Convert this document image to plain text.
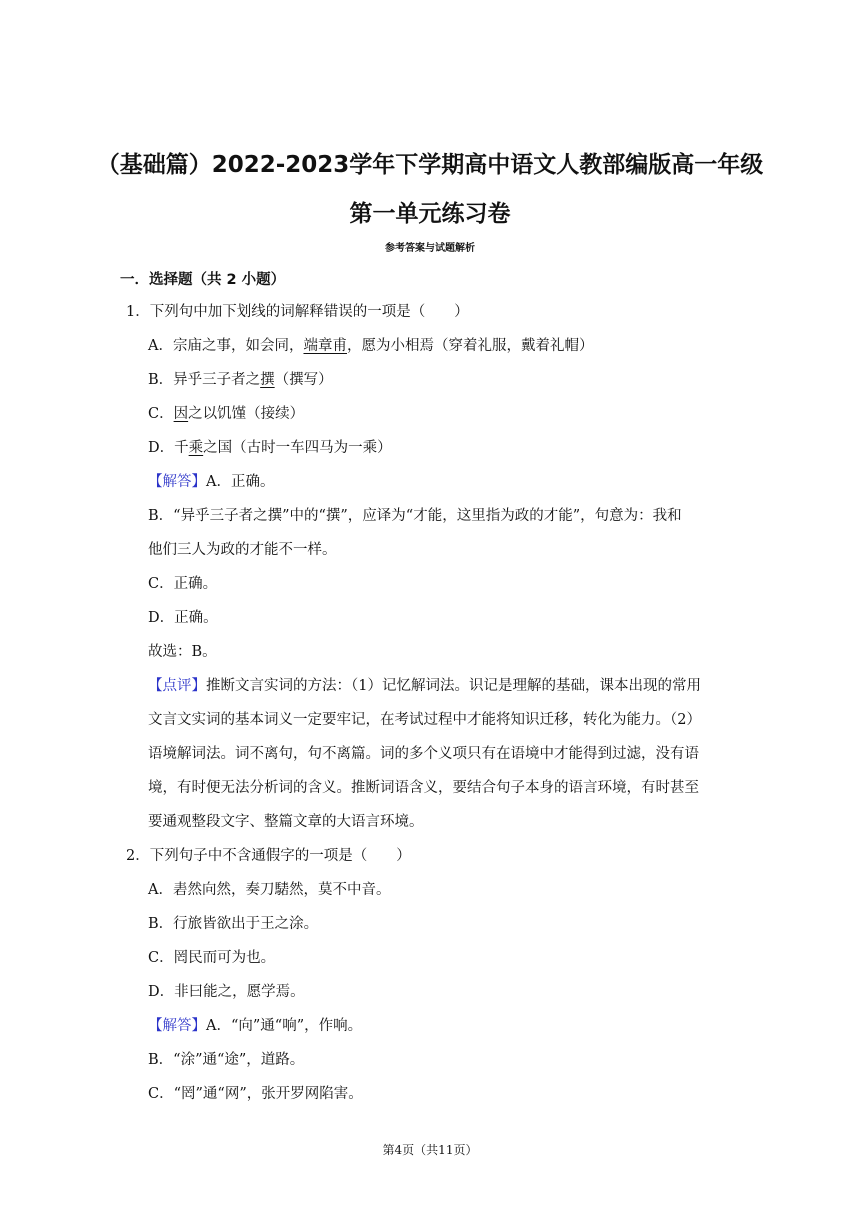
（基础篇）2022-2023学年下学期高中语文人教部编版高一年级
第一单元练习卷
参考答案与试题解析
一．选择题（共 2 小题）
1．下列句中加下划线的词解释错误的一项是（　　）
A．宗庙之事，如会同，端章甫，愿为小相焉（穿着礼服，戴着礼帽）
B．异乎三子者之撰（撰写）
C．因之以饥馑（接续）
D．千乘之国（古时一车四马为一乘）
【解答】A．正确。
B．“异乎三子者之撰”中的“撰”，应译为“才能，这里指为政的才能”，句意为：我和
他们三人为政的才能不一样。
C．正确。
D．正确。
故选：B。
【点评】推断文言实词的方法：（1）记忆解词法。识记是理解的基础，课本出现的常用
文言文实词的基本词义一定要牢记，在考试过程中才能将知识迁移，转化为能力。（2）
语境解词法。词不离句，句不离篇。词的多个义项只有在语境中才能得到过滤，没有语
境，有时便无法分析词的含义。推断词语含义，要结合句子本身的语言环境，有时甚至
要通观整段文字、整篇文章的大语言环境。
2．下列句子中不含通假字的一项是（　　）
A．砉然向然，奏刀騞然，莫不中音。
B．行旅皆欲出于王之涂。
C．罔民而可为也。
D．非曰能之，愿学焉。
【解答】A．“向”通“响”，作响。
B．“涂”通“途”，道路。
C．“罔”通“网”，张开罗网陷害。
第4页（共11页）
